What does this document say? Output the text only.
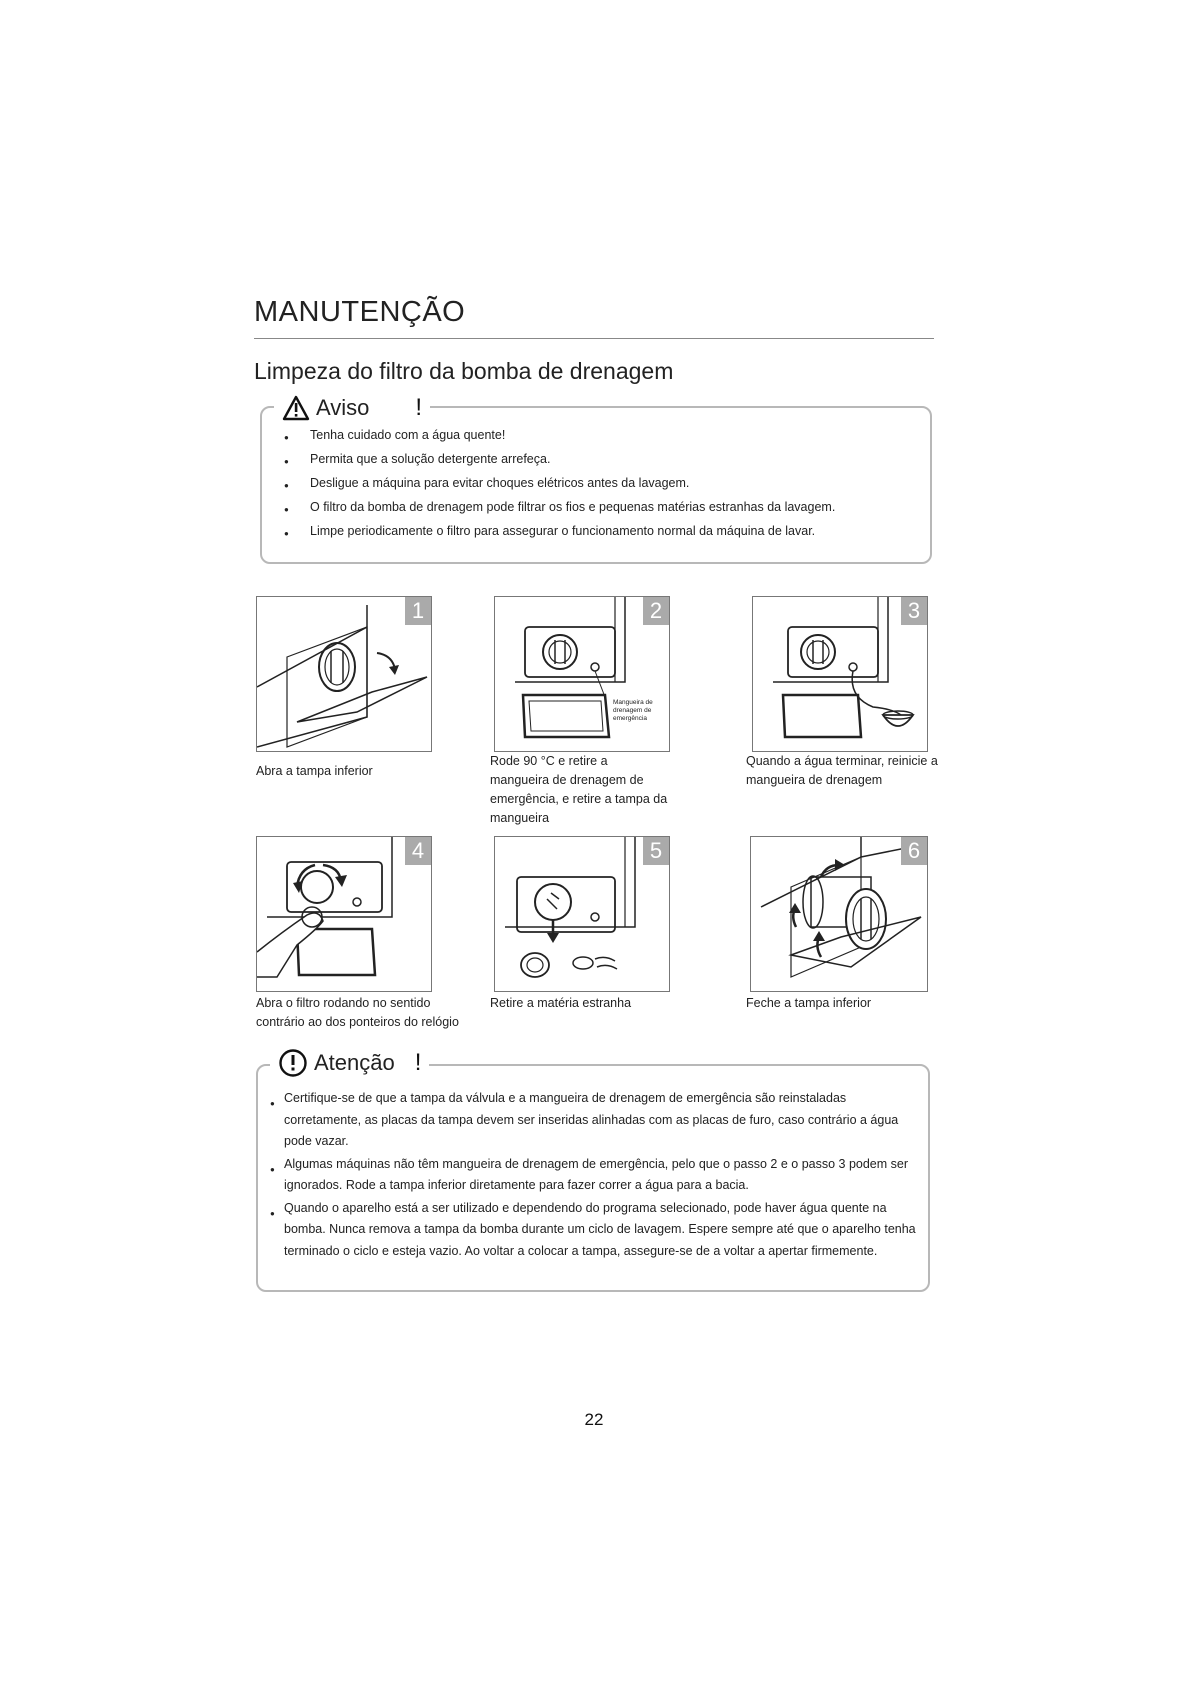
MANUTENÇÃO
Limpeza do filtro da bomba de drenagem
Aviso !
● Tenha cuidado com a água quente!
● Permita que a solução detergente arrefeça.
● Desligue a máquina para evitar choques elétricos antes da lavagem.
● O filtro da bomba de drenagem pode filtrar os fios e pequenas matérias estranhas da lavagem.
● Limpe periodicamente o filtro para assegurar o funcionamento normal da máquina de lavar.
1
Abra a tampa inferior
Mangueira de drenagem de emergência
2
Rode 90 °C e retire a mangueira de drenagem de emergência, e retire a tampa da mangueira
3
Quando a água terminar, reinicie a mangueira de drenagem
4
Abra o filtro rodando no sentido contrário ao dos ponteiros do relógio
5
Retire a matéria estranha
6
Feche a tampa inferior
Atenção !
● Certifique-se de que a tampa da válvula e a mangueira de drenagem de emergência são reinstaladas corretamente, as placas da tampa devem ser inseridas alinhadas com as placas de furo, caso contrário a água pode vazar.
● Algumas máquinas não têm mangueira de drenagem de emergência, pelo que o passo 2 e o passo 3 podem ser ignorados. Rode a tampa inferior diretamente para fazer correr a água para a bacia.
● Quando o aparelho está a ser utilizado e dependendo do programa selecionado, pode haver água quente na bomba. Nunca remova a tampa da bomba durante um ciclo de lavagem. Espere sempre até que o aparelho tenha terminado o ciclo e esteja vazio. Ao voltar a colocar a tampa, assegure-se de a voltar a apertar firmemente.
22
